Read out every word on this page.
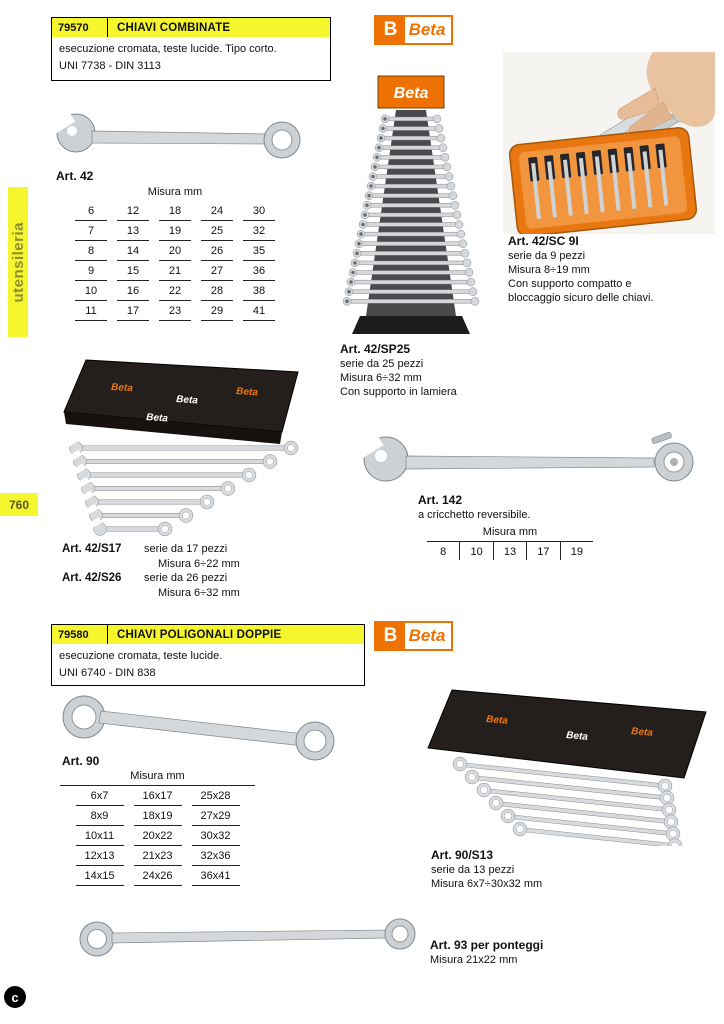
utensileria
760
c
79570	CHIAVI COMBINATE
esecuzione cromata, teste lucide. Tipo corto.
UNI 7738 - DIN 3113
B Beta
Art. 42
Misura mm
6	12	18	24	30
7	13	19	25	32
8	14	20	26	35
9	15	21	27	36
10	16	22	28	38
11	17	23	29	41
Beta
Art. 42/SP25
serie da 25 pezzi
Misura 6÷32 mm
Con supporto in lamiera
Art. 42/SC 9I
serie da 9 pezzi
Misura 8÷19 mm
Con supporto compatto e
bloccaggio sicuro delle chiavi.
Beta
Beta
Beta
Beta
Art. 42/S17	serie da 17 pezzi
Misura 6÷22 mm
Art. 42/S26	serie da 26 pezzi
Misura 6÷32 mm
Art. 142
a cricchetto reversibile.
Misura mm
8	10	13	17	19
79580	CHIAVI POLIGONALI DOPPIE
esecuzione cromata, teste lucide.
UNI 6740 - DIN 838
B Beta
Art. 90
Misura mm
6x7	16x17	25x28
8x9	18x19	27x29
10x11	20x22	30x32
12x13	21x23	32x36
14x15	24x26	36x41
Beta
Beta	Beta
Art. 90/S13
serie da 13 pezzi
Misura 6x7÷30x32 mm
Art. 93 per ponteggi
Misura 21x22 mm
